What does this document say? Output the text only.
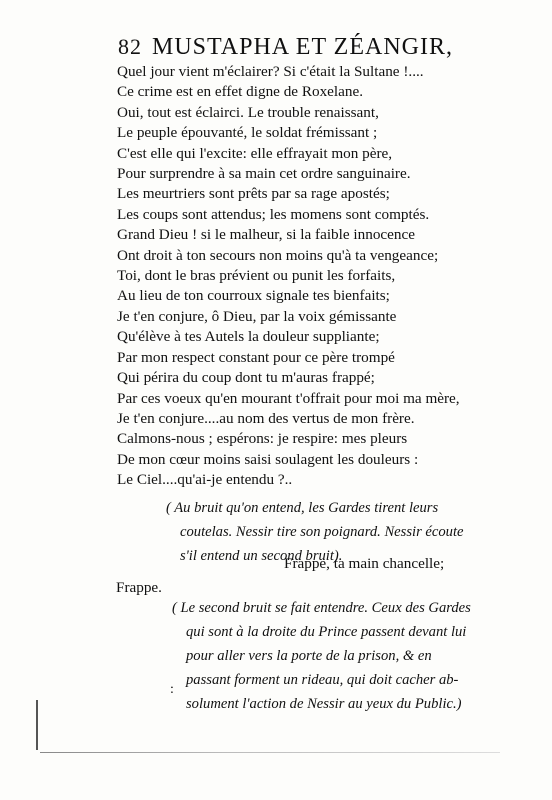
82 MUSTAPHA ET ZÉANGIR,
Quel jour vient m'éclairer? Si c'était la Sultane !....
Ce crime est en effet digne de Roxelane.
Oui, tout est éclairci. Le trouble renaissant,
Le peuple épouvanté, le soldat frémissant ;
C'est elle qui l'excite: elle effrayait mon père,
Pour surprendre à sa main cet ordre sanguinaire.
Les meurtriers sont prêts par sa rage apostés;
Les coups sont attendus; les momens sont comptés.
Grand Dieu ! si le malheur, si la faible innocence
Ont droit à ton secours non moins qu'à ta vengeance;
Toi, dont le bras prévient ou punit les forfaits,
Au lieu de ton courroux signale tes bienfaits;
Je t'en conjure, ô Dieu, par la voix gémissante
Qu'élève à tes Autels la douleur suppliante;
Par mon respect constant pour ce père trompé
Qui périra du coup dont tu m'auras frappé;
Par ces voeux qu'en mourant t'offrait pour moi ma mère,
Je t'en conjure....au nom des vertus de mon frère.
Calmons-nous ; espérons: je respire: mes pleurs
De mon cœur moins saisi soulagent les douleurs :
Le Ciel....qu'ai-je entendu ?..
( Au bruit qu'on entend, les Gardes tirent leurs
coutelas. Nessir tire son poignard. Nessir écoute
s'il entend un second bruit).
Frappe, ta main chancelle;
Frappe.
( Le second bruit se fait entendre. Ceux des Gardes
qui sont à la droite du Prince passent devant lui
pour aller vers la porte de la prison, & en
passant forment un rideau, qui doit cacher ab-
solument l'action de Nessir au yeux du Public.)
:
